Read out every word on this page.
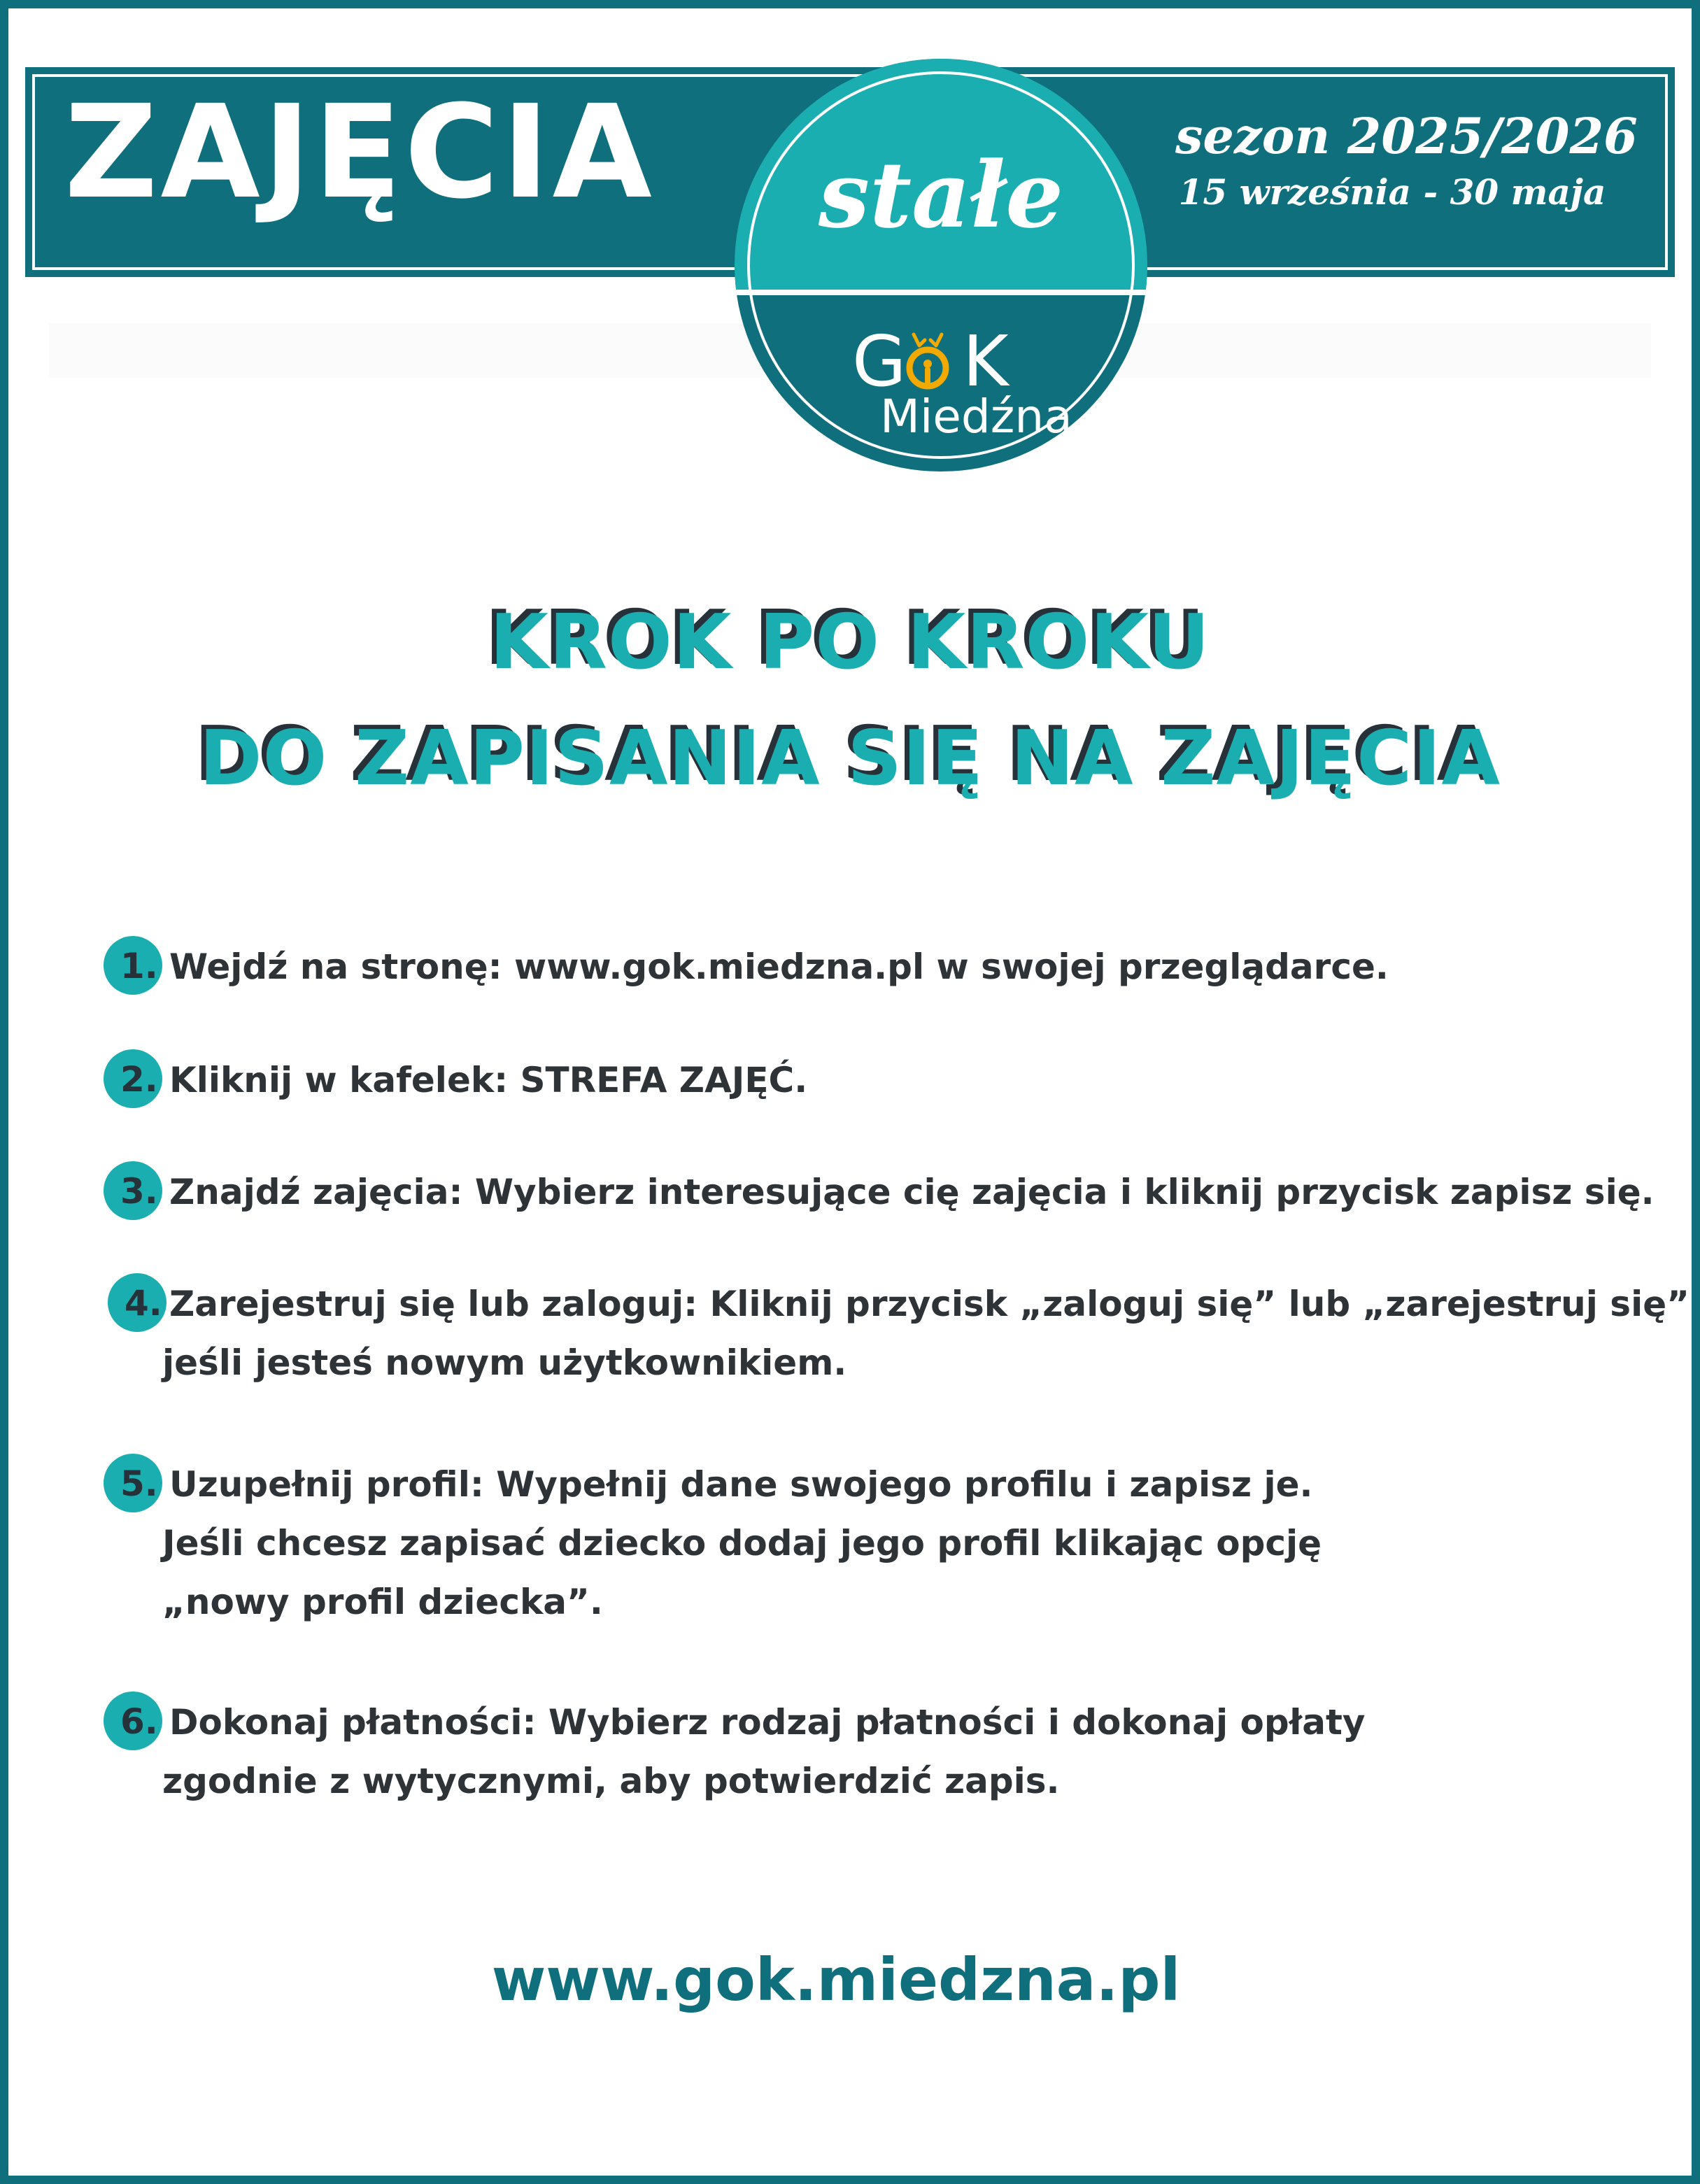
ZAJĘCIA	sezon 2025/2026
15 września - 30 maja
stałe
G K
Miedźna
KROK PO KROKU
DO ZAPISANIA SIĘ NA ZAJĘCIA
1. Wejdź na stronę: www.gok.miedzna.pl w swojej przeglądarce.
2. Kliknij w kafelek: STREFA ZAJĘĆ.
3. Znajdź zajęcia: Wybierz interesujące cię zajęcia i kliknij przycisk zapisz się.
4. Zarejestruj się lub zaloguj: Kliknij przycisk „zaloguj się” lub „zarejestruj się”
jeśli jesteś nowym użytkownikiem.
5. Uzupełnij profil: Wypełnij dane swojego profilu i zapisz je.
Jeśli chcesz zapisać dziecko dodaj jego profil klikając opcję
„nowy profil dziecka”.
6. Dokonaj płatności: Wybierz rodzaj płatności i dokonaj opłaty
zgodnie z wytycznymi, aby potwierdzić zapis.
www.gok.miedzna.pl
